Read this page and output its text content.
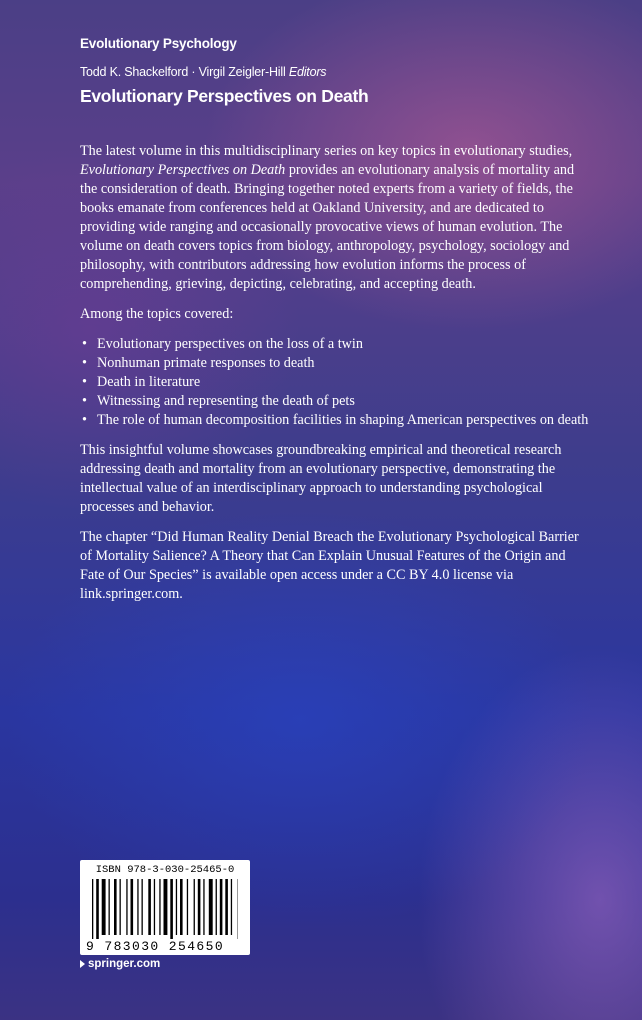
Evolutionary Psychology
Todd K. Shackelford · Virgil Zeigler-Hill Editors
Evolutionary Perspectives on Death

The latest volume in this multidisciplinary series on key topics in evolutionary studies, Evolutionary Perspectives on Death provides an evolutionary analysis of mortality and the consideration of death. Bringing together noted experts from a variety of fields, the books emanate from conferences held at Oakland University, and are dedicated to providing wide ranging and occasionally provocative views of human evolution. The volume on death covers topics from biology, anthropology, psychology, sociology and philosophy, with contributors addressing how evolution informs the process of comprehending, grieving, depicting, celebrating, and accepting death.

Among the topics covered:

• Evolutionary perspectives on the loss of a twin
• Nonhuman primate responses to death
• Death in literature
• Witnessing and representing the death of pets
• The role of human decomposition facilities in shaping American perspectives on death

This insightful volume showcases groundbreaking empirical and theoretical research addressing death and mortality from an evolutionary perspective, demonstrating the intellectual value of an interdisciplinary approach to understanding psychological processes and behavior.

The chapter “Did Human Reality Denial Breach the Evolutionary Psychological Barrier of Mortality Salience? A Theory that Can Explain Unusual Features of the Origin and Fate of Our Species” is available open access under a CC BY 4.0 license via link.springer.com.

ISBN 978-3-030-25465-0
9 783030 254650
springer.com
